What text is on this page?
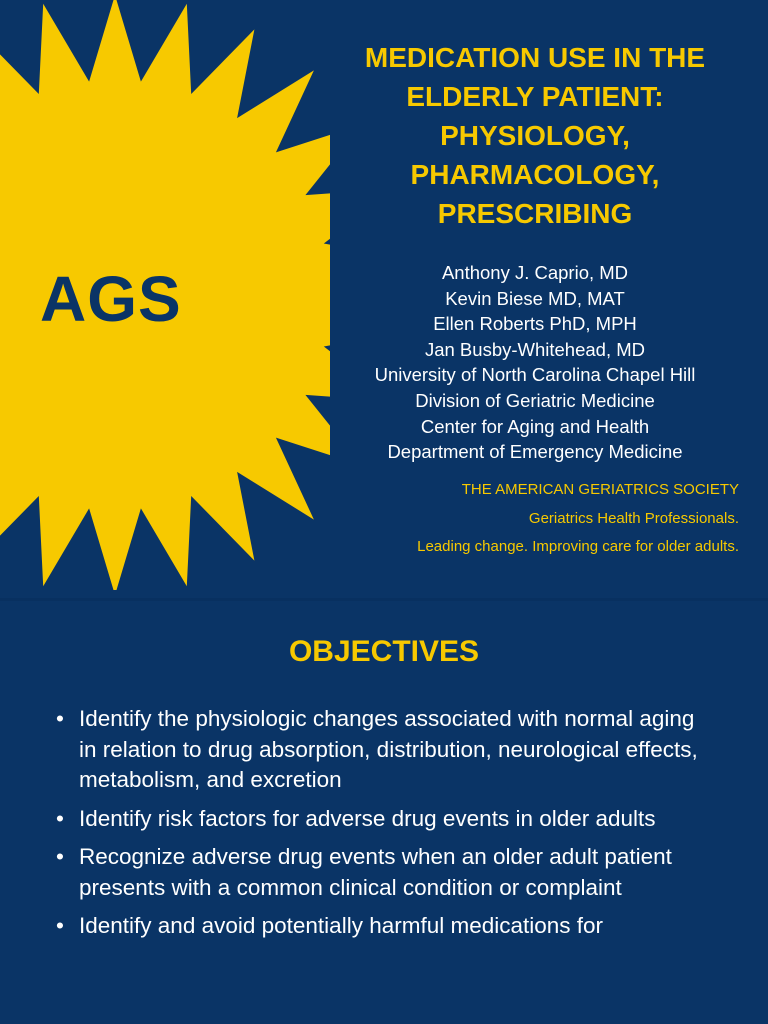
AGS
MEDICATION USE IN THE
ELDERLY PATIENT:
PHYSIOLOGY,
PHARMACOLOGY,
PRESCRIBING
Anthony J. Caprio, MD
Kevin Biese MD, MAT
Ellen Roberts PhD, MPH
Jan Busby-Whitehead, MD
University of North Carolina Chapel Hill
Division of Geriatric Medicine
Center for Aging and Health
Department of Emergency Medicine
THE AMERICAN GERIATRICS SOCIETY
Geriatrics Health Professionals.
Leading change. Improving care for older adults.
OBJECTIVES
• Identify the physiologic changes associated with normal aging in relation to drug absorption, distribution, neurological effects, metabolism, and excretion
• Identify risk factors for adverse drug events in older adults
• Recognize adverse drug events when an older adult patient presents with a common clinical condition or complaint
• Identify and avoid potentially harmful medications for
